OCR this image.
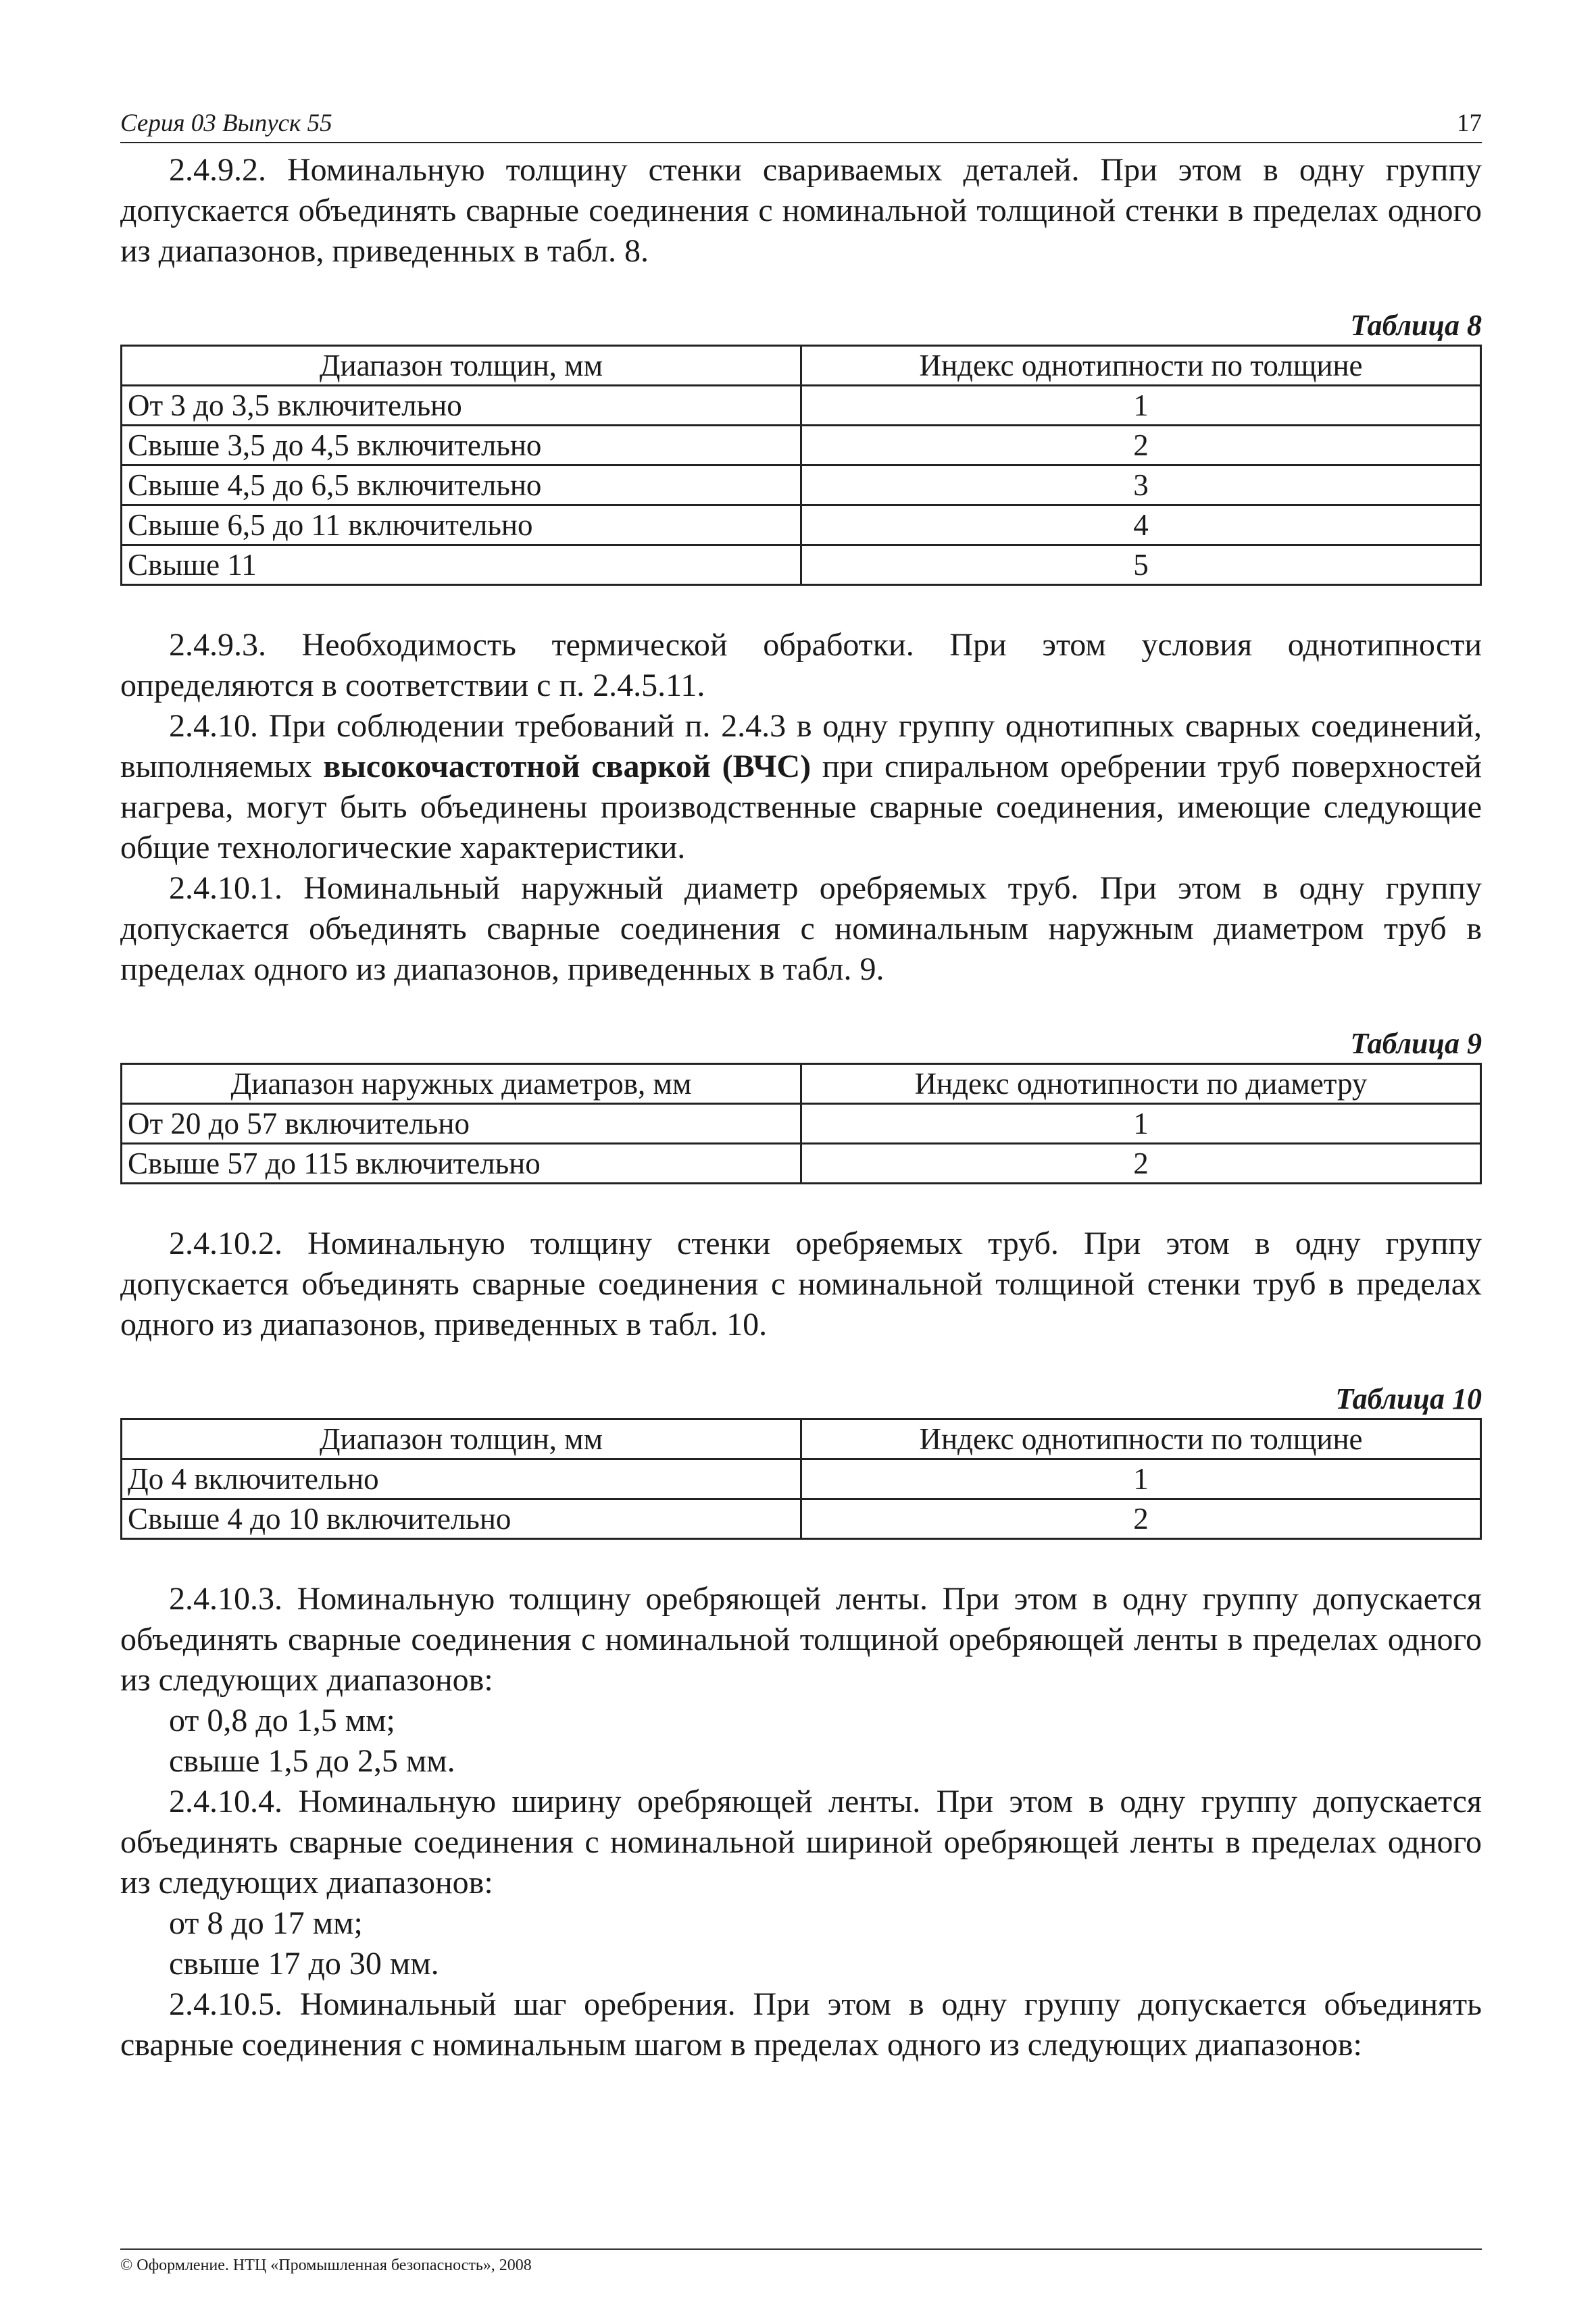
Серия 03 Выпуск 55	17

2.4.9.2. Номинальную толщину стенки свариваемых деталей. При этом в одну группу допускается объединять сварные соединения с номинальной толщиной стенки в пределах одного из диапазонов, приведенных в табл. 8.

Таблица 8
Диапазон толщин, мм	Индекс однотипности по толщине
От 3 до 3,5 включительно	1
Свыше 3,5 до 4,5 включительно	2
Свыше 4,5 до 6,5 включительно	3
Свыше 6,5 до 11 включительно	4
Свыше 11	5

2.4.9.3. Необходимость термической обработки. При этом условия однотипности определяются в соответствии с п. 2.4.5.11.

2.4.10. При соблюдении требований п. 2.4.3 в одну группу однотипных сварных соединений, выполняемых высокочастотной сваркой (ВЧС) при спиральном оребрении труб поверхностей нагрева, могут быть объединены производственные сварные соединения, имеющие следующие общие технологические характеристики.

2.4.10.1. Номинальный наружный диаметр оребряемых труб. При этом в одну группу допускается объединять сварные соединения с номинальным наружным диаметром труб в пределах одного из диапазонов, приведенных в табл. 9.

Таблица 9
Диапазон наружных диаметров, мм	Индекс однотипности по диаметру
От 20 до 57 включительно	1
Свыше 57 до 115 включительно	2

2.4.10.2. Номинальную толщину стенки оребряемых труб. При этом в одну группу допускается объединять сварные соединения с номинальной толщиной стенки труб в пределах одного из диапазонов, приведенных в табл. 10.

Таблица 10
Диапазон толщин, мм	Индекс однотипности по толщине
До 4 включительно	1
Свыше 4 до 10 включительно	2

2.4.10.3. Номинальную толщину оребряющей ленты. При этом в одну группу допускается объединять сварные соединения с номинальной толщиной оребряющей ленты в пределах одного из следующих диапазонов:

от 0,8 до 1,5 мм;

свыше 1,5 до 2,5 мм.

2.4.10.4. Номинальную ширину оребряющей ленты. При этом в одну группу допускается объединять сварные соединения с номинальной шириной оребряющей ленты в пределах одного из следующих диапазонов:

от 8 до 17 мм;

свыше 17 до 30 мм.

2.4.10.5. Номинальный шаг оребрения. При этом в одну группу допускается объединять сварные соединения с номинальным шагом в пределах одного из следующих диапазонов:

© Оформление. НТЦ «Промышленная безопасность», 2008
